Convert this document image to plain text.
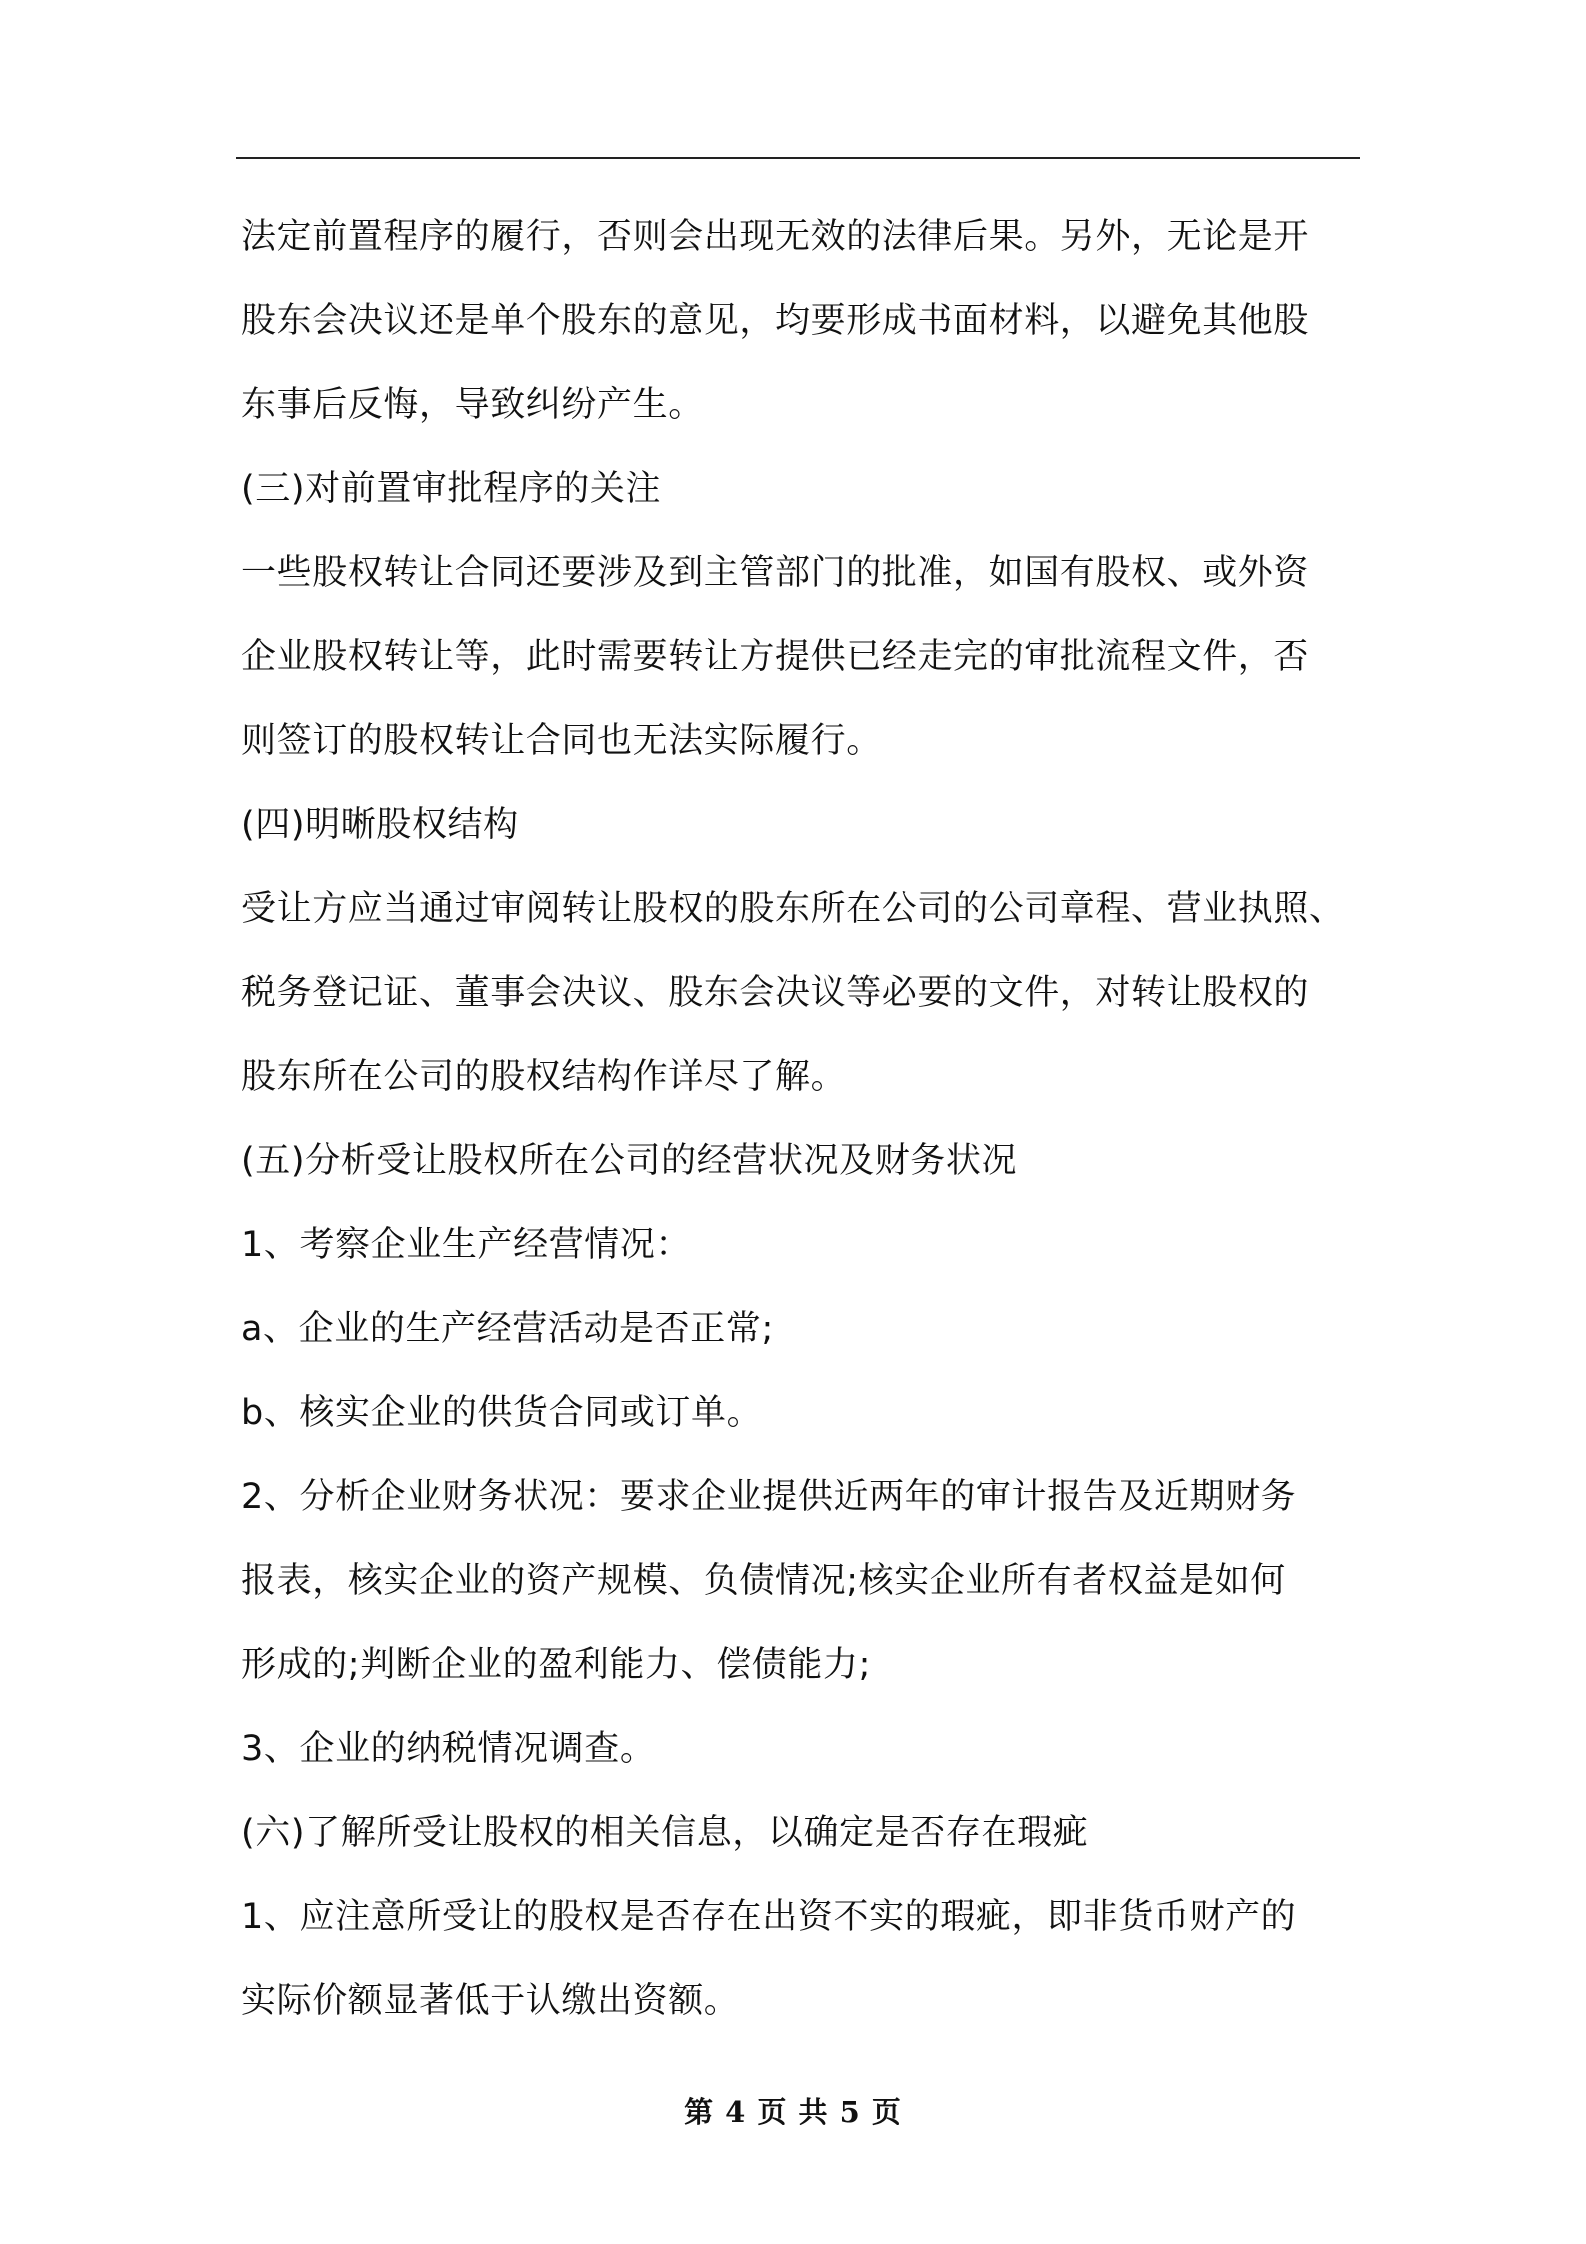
法定前置程序的履行，否则会出现无效的法律后果。另外，无论是开
股东会决议还是单个股东的意见，均要形成书面材料，以避免其他股
东事后反悔，导致纠纷产生。
(三)对前置审批程序的关注
一些股权转让合同还要涉及到主管部门的批准，如国有股权、或外资
企业股权转让等，此时需要转让方提供已经走完的审批流程文件，否
则签订的股权转让合同也无法实际履行。
(四)明晰股权结构
受让方应当通过审阅转让股权的股东所在公司的公司章程、营业执照、
税务登记证、董事会决议、股东会决议等必要的文件，对转让股权的
股东所在公司的股权结构作详尽了解。
(五)分析受让股权所在公司的经营状况及财务状况
1、考察企业生产经营情况：
a、企业的生产经营活动是否正常;
b、核实企业的供货合同或订单。
2、分析企业财务状况：要求企业提供近两年的审计报告及近期财务
报表，核实企业的资产规模、负债情况;核实企业所有者权益是如何
形成的;判断企业的盈利能力、偿债能力;
3、企业的纳税情况调查。
(六)了解所受让股权的相关信息，以确定是否存在瑕疵
1、应注意所受让的股权是否存在出资不实的瑕疵，即非货币财产的
实际价额显著低于认缴出资额。
第 4 页 共 5 页
